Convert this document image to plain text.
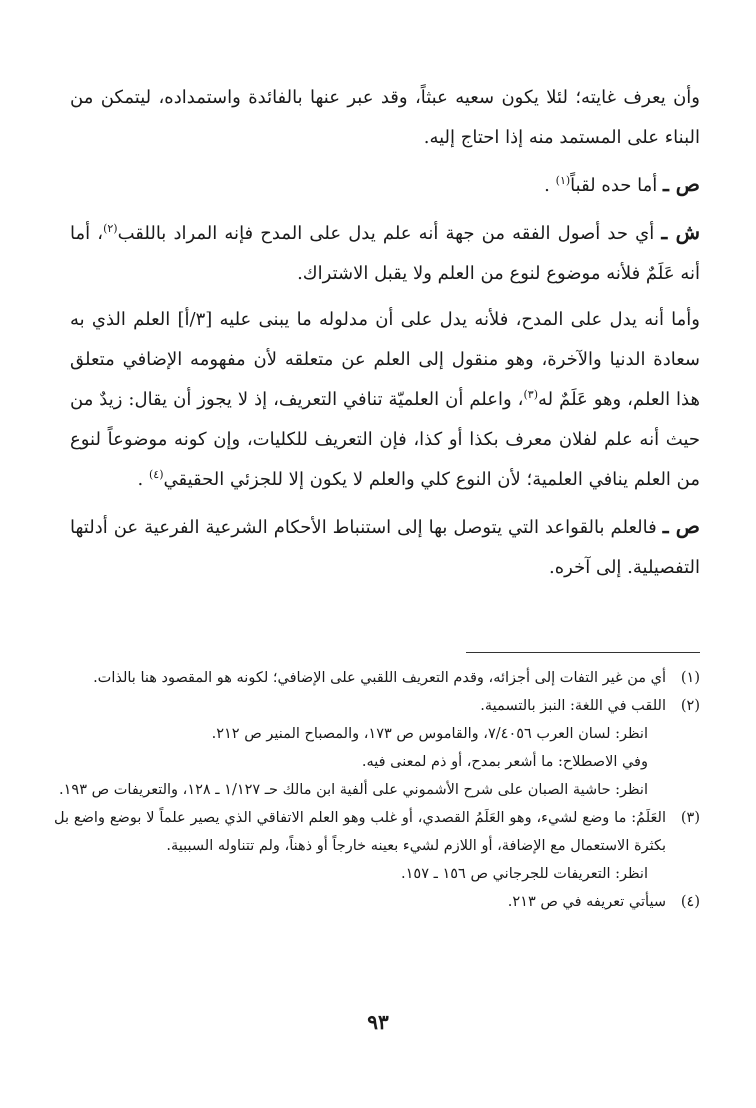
وأن يعرف غايته؛ لئلا يكون سعيه عبثاً، وقد عبر عنها بالفائدة واستمداده، ليتمكن من البناء على المستمد منه إذا احتاج إليه.

ص ـ أما حده لقباً$^{(١)}$ .

ش ـ أي حد أصول الفقه من جهة أنه علم يدل على المدح فإنه المراد باللقب$^{(٢)}$، أما أنه عَلَمٌ فلأنه موضوع لنوع من العلم ولا يقبل الاشتراك.

وأما أنه يدل على المدح، فلأنه يدل على أن مدلوله ما يبنى عليه [٣/أ] العلم الذي به سعادة الدنيا والآخرة، وهو منقول إلى العلم عن متعلقه لأن مفهومه الإضافي متعلق هذا العلم، وهو عَلَمٌ له$^{(٣)}$، واعلم أن العلميّة تنافي التعريف، إذ لا يجوز أن يقال: زيدٌ من حيث أنه علم لفلان معرف بكذا أو كذا، فإن التعريف للكليات، وإن كونه موضوعاً لنوع من العلم ينافي العلمية؛ لأن النوع كلي والعلم لا يكون إلا للجزئي الحقيقي$^{(٤)}$ .

ص ـ فالعلم بالقواعد التي يتوصل بها إلى استنباط الأحكام الشرعية الفرعية عن أدلتها التفصيلية. إلى آخره.

(١)

أي من غير التفات إلى أجزائه، وقدم التعريف اللقبي على الإضافي؛ لكونه هو المقصود هنا بالذات.

(٢)

اللقب في اللغة: النبز بالتسمية.

انظر: لسان العرب ٧/٤٠٥٦، والقاموس ص ١٧٣، والمصباح المنير ص ٢١٢.

وفي الاصطلاح: ما أشعر بمدح، أو ذم لمعنى فيه.

انظر: حاشية الصبان على شرح الأشموني على ألفية ابن مالك حـ ١/١٢٧ ـ ١٢٨، والتعريفات ص ١٩٣.

(٣)

العَلَمُ: ما وضع لشيء، وهو العَلَمُ القصدي، أو غلب وهو العلم الاتفاقي الذي يصير علماً لا بوضع واضع بل بكثرة الاستعمال مع الإضافة، أو اللازم لشيء بعينه خارجاً أو ذهناً، ولم تتناوله السببية.

انظر: التعريفات للجرجاني ص ١٥٦ ـ ١٥٧.

(٤)

سيأتي تعريفه في ص ٢١٣.

٩٣
